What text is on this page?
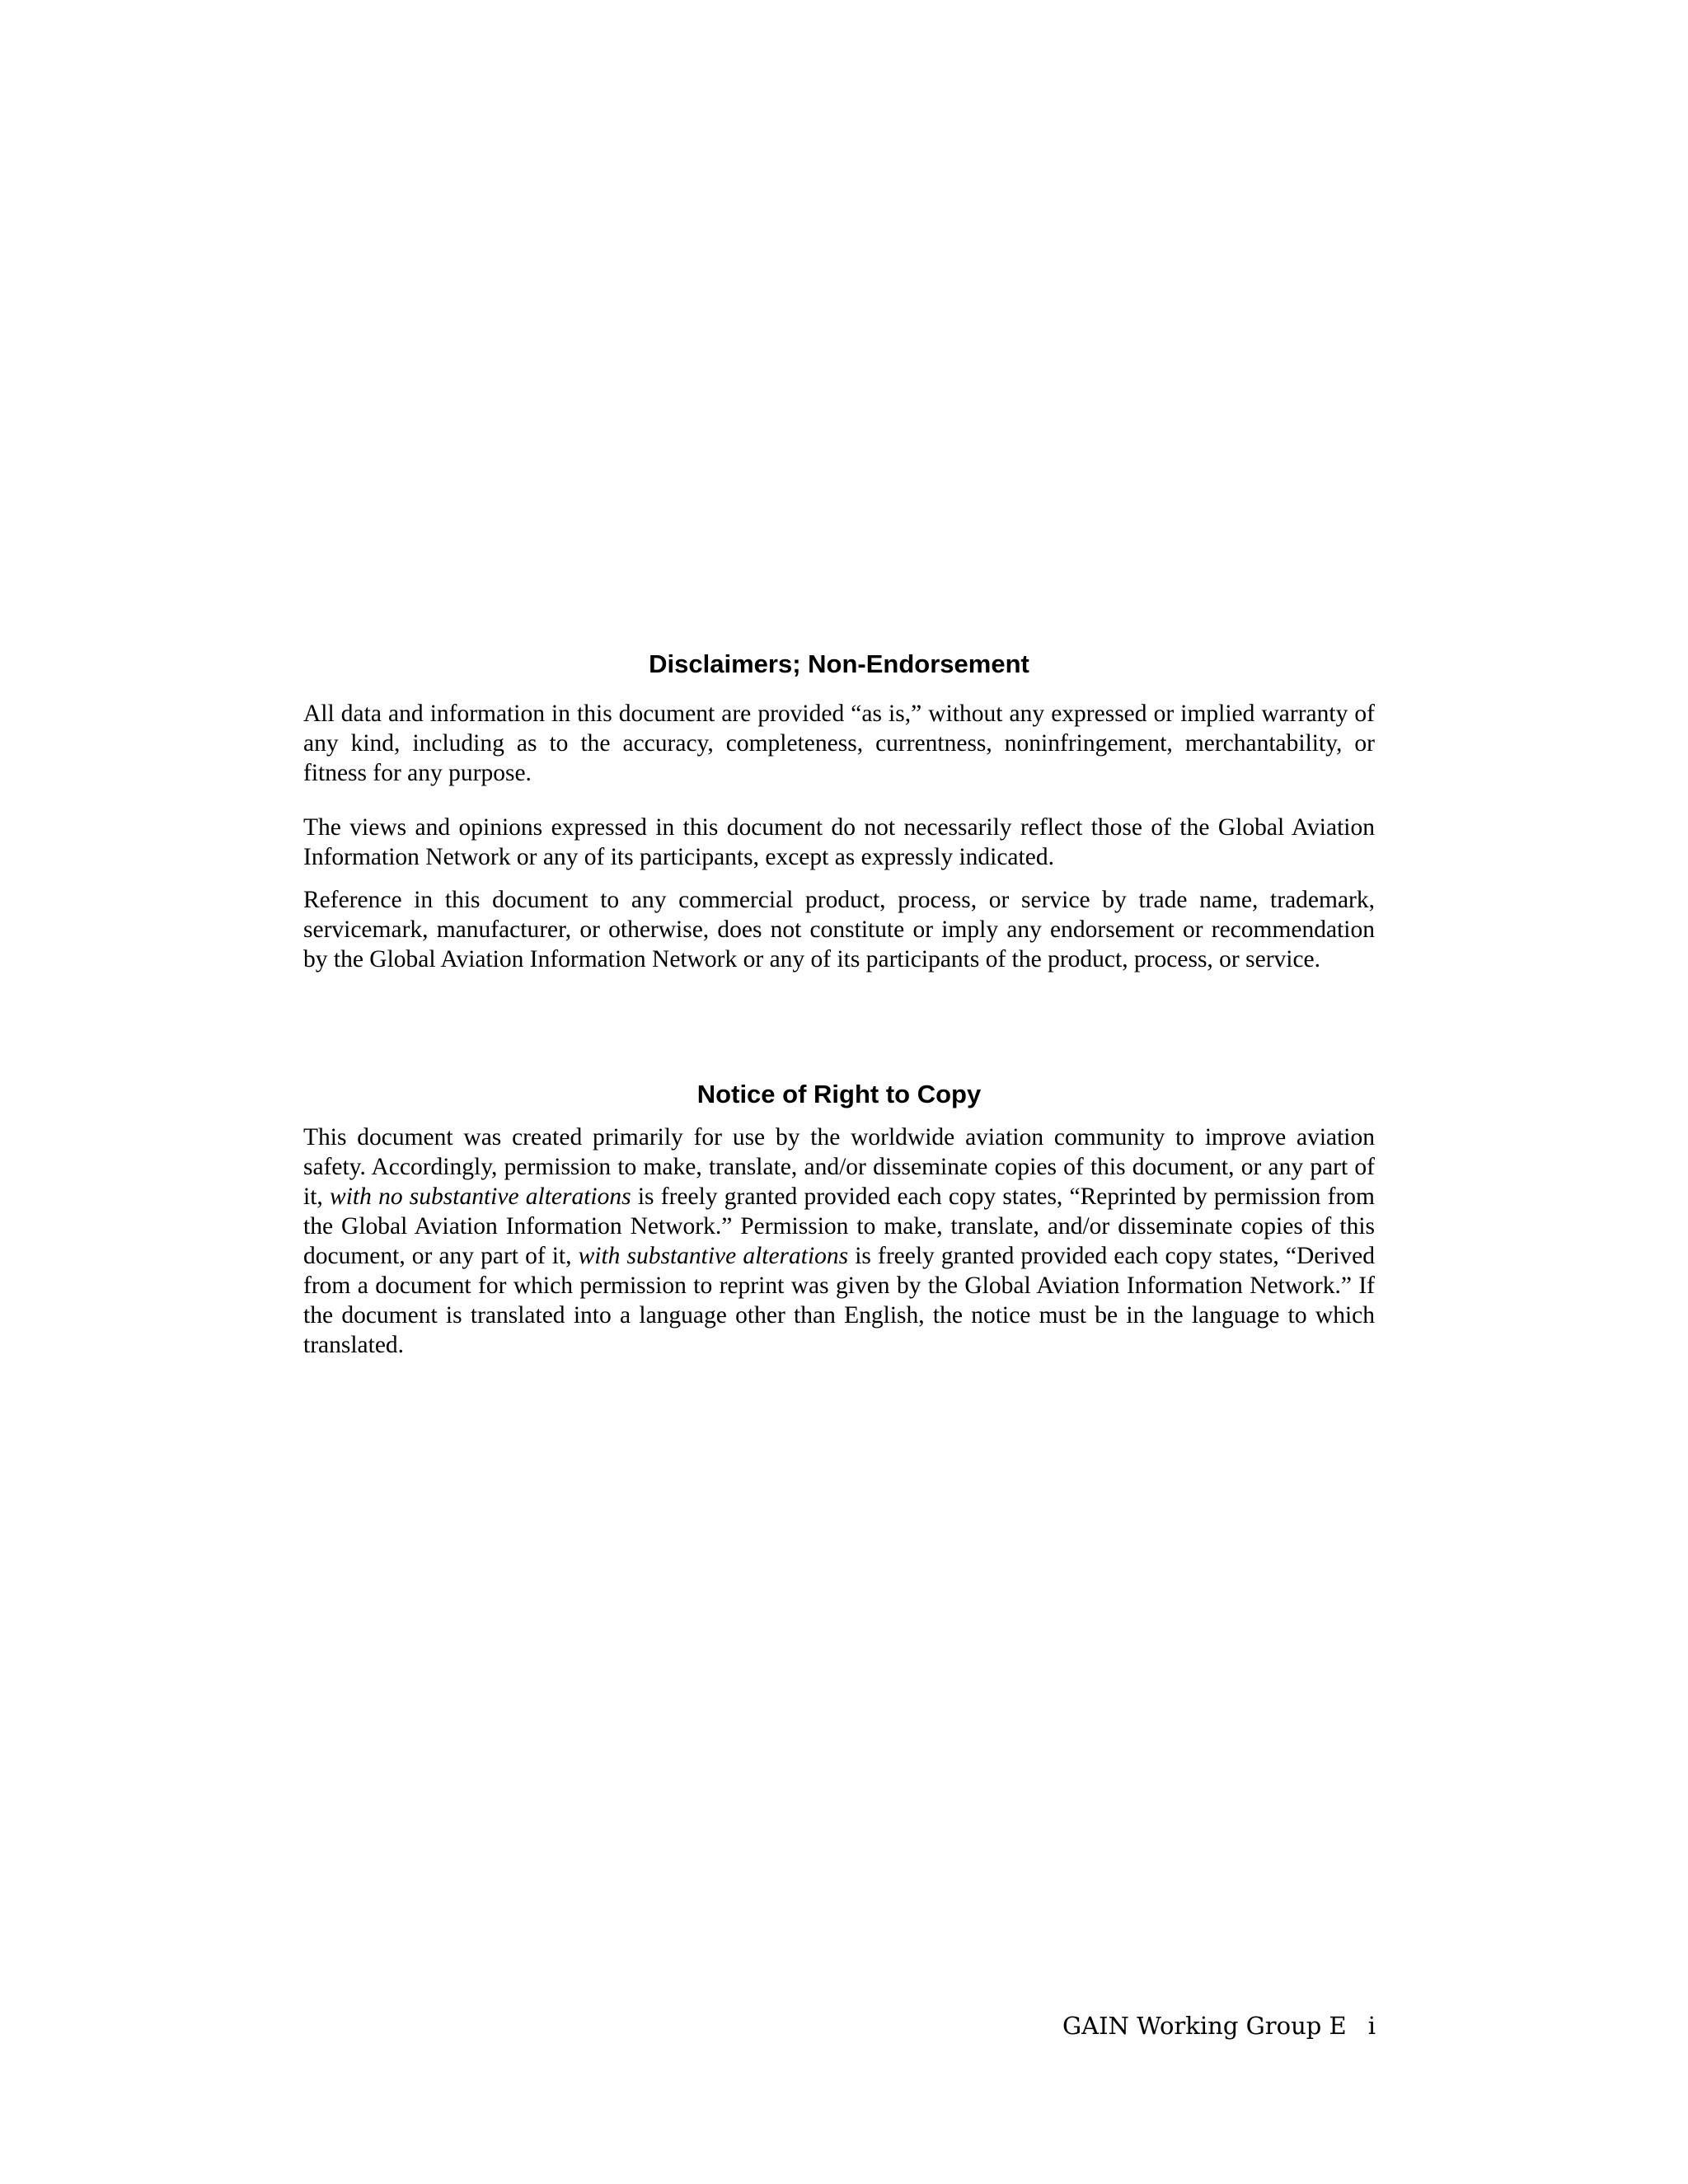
Disclaimers; Non-Endorsement

All data and information in this document are provided “as is,” without any expressed or implied warranty of any kind, including as to the accuracy, completeness, currentness, noninfringement, merchantability, or fitness for any purpose.

The views and opinions expressed in this document do not necessarily reflect those of the Global Aviation Information Network or any of its participants, except as expressly indicated.

Reference in this document to any commercial product, process, or service by trade name, trademark, servicemark, manufacturer, or otherwise, does not constitute or imply any endorsement or recommendation by the Global Aviation Information Network or any of its participants of the product, process, or service.

Notice of Right to Copy

This document was created primarily for use by the worldwide aviation community to improve aviation safety. Accordingly, permission to make, translate, and/or disseminate copies of this document, or any part of it, with no substantive alterations is freely granted provided each copy states, “Reprinted by permission from the Global Aviation Information Network.” Permission to make, translate, and/or disseminate copies of this document, or any part of it, with substantive alterations is freely granted provided each copy states, “Derived from a document for which permission to reprint was given by the Global Aviation Information Network.” If the document is translated into a language other than English, the notice must be in the language to which translated.

GAIN Working Group E i
